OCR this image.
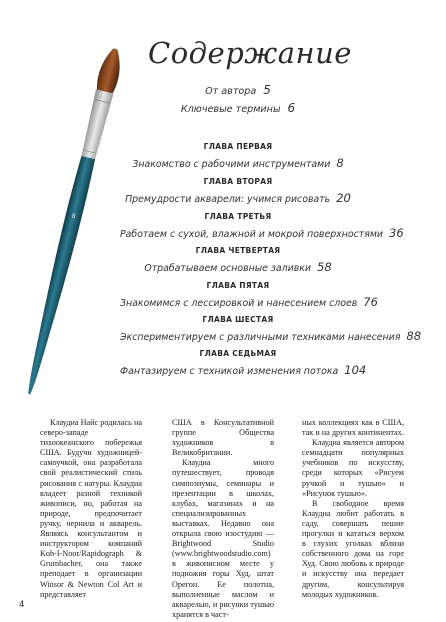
Содержание
8
От автора 5
Ключевые термины 6
ГЛАВА ПЕРВАЯ
Знакомство с рабочими инструментами 8
ГЛАВА ВТОРАЯ
Премудрости акварели: учимся рисовать 20
ГЛАВА ТРЕТЬЯ
Работаем с сухой, влажной и мокрой поверхностями 36
ГЛАВА ЧЕТВЕРТАЯ
Отрабатываем основные заливки 58
ГЛАВА ПЯТАЯ
Знакомимся с лессировкой и нанесением слоев 76
ГЛАВА ШЕСТАЯ
Экспериментируем с различными техниками нанесения 88
ГЛАВА СЕДЬМАЯ
Фантазируем с техникой изменения потока 104

Клаудиа Найс родилась на северо-западе тихоокеанского побережья США. Будучи художницей-самоучкой, она разработала свой реалистический стиль рисования с натуры. Клаудиа владеет разной техникой живописи, но, работая на природе, предпочитает ручку, чернила и акварель. Являясь консультантом и инструктором компаний Koh-I-Noor/Rapidograph & Grumbacher, она также преподает в организации Winsor & Newton Col Art и представляет

США в Консультативной группе Общества художников в Великобритании.

Клаудиа много путешествует, проводя симпозиумы, семинары и презентации в школах, клубах, магазинах и на специализированных выставках. Недавно она открыла свою изостудию — Brightwood Studio (www.brightwoodstudio.com) в живописном месте у подножия горы Худ, штат Орегон. Ее полотна, выполненные маслом и акварелью, и рисунки тушью хранятся в част-

ных коллекциях как в США, так и на других континентах.

Клаудиа является автором семнадцати популярных учебников по искусству, среди которых «Рисуем ручкой и тушью» и «Рисунок тушью».

В свободное время Клаудиа любит работать в саду, совершать пешие прогулки и кататься верхом в глухих уголках вблизи собственного дома на горе Худ. Свою любовь к природе и искусству она передает другим, консультируя молодых художников.

4
